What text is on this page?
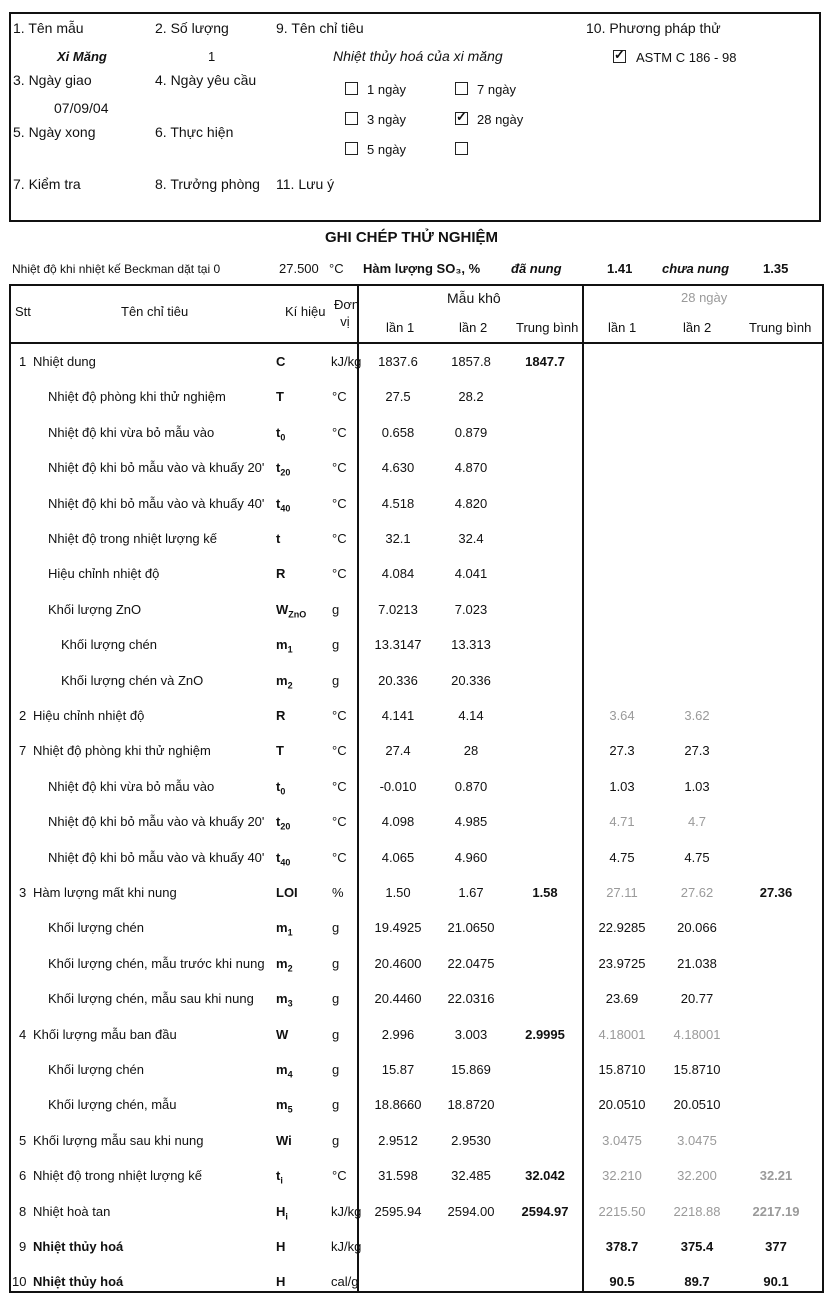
1. Tên mẫu
Xi Măng
2. Số lượng
1
3. Ngày giao
07/09/04
4. Ngày yêu cầu
5. Ngày xong	6. Thực hiện
7. Kiểm tra	8. Trưởng phòng
9. Tên chỉ tiêu
Nhiệt thủy hoá của xi măng
11. Lưu ý
10. Phương pháp thử
✓
ASTM C 186 - 98
1 ngày	7 ngày
3 ngày
✓	28 ngày
5 ngày
GHI CHÉP THỬ NGHIỆM
Nhiệt độ khi nhiệt kế Beckman dặt tại 0	27.500 °C Hàm lượng SO₃, % đã nung	1.41 chưa nung	1.35
Stt	Tên chỉ tiêu	Kí hiệu Đơn vị
Mẫu khô	28 ngày
lần 1	lần 2 Trung bình lần 1	lần 2	Trung bình
1 Nhiệt dung	C	kJ/kg	1837.6	1857.8	1847.7
Nhiệt độ phòng khi thử nghiệm	T	°C	27.5	28.2
Nhiệt độ khi vừa bỏ mẫu vào	$t_0$	°C	0.658	0.879
Nhiệt độ khi bỏ mẫu vào và khuấy 20' $t_{20}$	°C	4.630	4.870
Nhiệt độ khi bỏ mẫu vào và khuấy 40' $t_{40}$	°C	4.518	4.820
Nhiệt độ trong nhiệt lượng kế	t	°C	32.1	32.4
Hiệu chỉnh nhiệt độ	R	°C	4.084	4.041
Khối lượng ZnO	$W_{ZnO}$ g	7.0213	7.023
Khối lượng chén	$m_1$	g	13.3147	13.313
Khối lượng chén và ZnO	$m_2$	g	20.336	20.336
2 Hiệu chỉnh nhiệt độ	R	°C	4.141	4.14	3.64	3.62
7 Nhiệt độ phòng khi thử nghiệm	T	°C	27.4	28	27.3	27.3
Nhiệt độ khi vừa bỏ mẫu vào	$t_0$	°C	-0.010	0.870	1.03	1.03
Nhiệt độ khi bỏ mẫu vào và khuấy 20' $t_{20}$	°C	4.098	4.985	4.71	4.7
Nhiệt độ khi bỏ mẫu vào và khuấy 40' $t_{40}$	°C	4.065	4.960	4.75	4.75
3 Hàm lượng mất khi nung	LOI	%	1.50	1.67	1.58	27.11	27.62	27.36
Khối lượng chén	$m_1$	g	19.4925	21.0650	22.9285	20.066
Khối lượng chén, mẫu trước khi nung $m_2$	g	20.4600	22.0475	23.9725	21.038
Khối lượng chén, mẫu sau khi nung $m_3$	g	20.4460	22.0316	23.69	20.77
4 Khối lượng mẫu ban đầu	W	g	2.996	3.003	2.9995	4.18001	4.18001
Khối lượng chén	$m_4$	g	15.87	15.869	15.8710	15.8710
Khối lượng chén, mẫu	$m_5$	g	18.8660	18.8720	20.0510	20.0510
5 Khối lượng mẫu sau khi nung	Wi	g	2.9512	2.9530	3.0475	3.0475
6 Nhiệt độ trong nhiệt lượng kế	$t_i$	°C	31.598	32.485	32.042	32.210	32.200	32.21
8 Nhiệt hoà tan	$H_i$	kJ/kg	2595.94	2594.00	2594.97	2215.50	2218.88	2217.19
9 Nhiệt thủy hoá	H	kJ/kg	378.7	375.4	377
10 Nhiệt thủy hoá	H	cal/g	90.5	89.7	90.1
